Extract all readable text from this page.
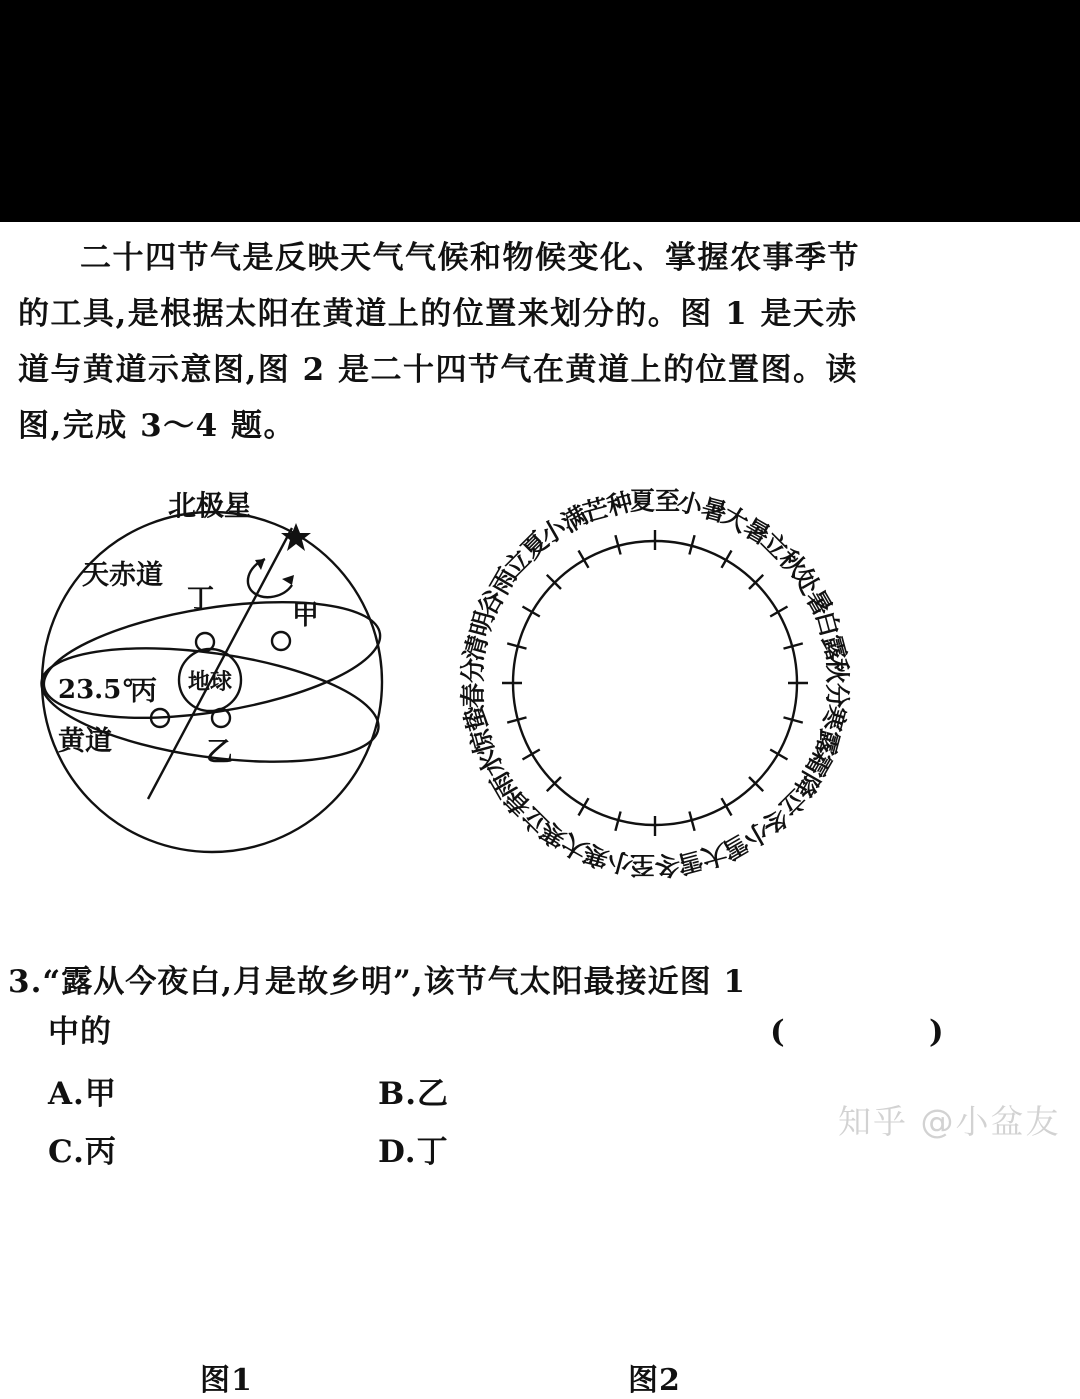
二十四节气是反映天气气候和物候变化、掌握农事季节
的工具,是根据太阳在黄道上的位置来划分的。图 1 是天赤
道与黄道示意图,图 2 是二十四节气在黄道上的位置图。读
图,完成 3～4 题。
地球
北极星
天赤道
23.5°
黄道
丁
甲
丙
乙
春分
清明
谷雨
立夏
小满
芒种
夏至
小暑
大暑
立秋
处暑
白露
秋分
寒露
霜降
立冬
小雪
大雪
冬至
小寒
大寒
立春
雨水
惊蛰
图1	图2
3.“露从今夜白,月是故乡明”,该节气太阳最接近图 1
中的	(   )
A.甲	B.乙
C.丙	D.丁
知乎 @小盆友
